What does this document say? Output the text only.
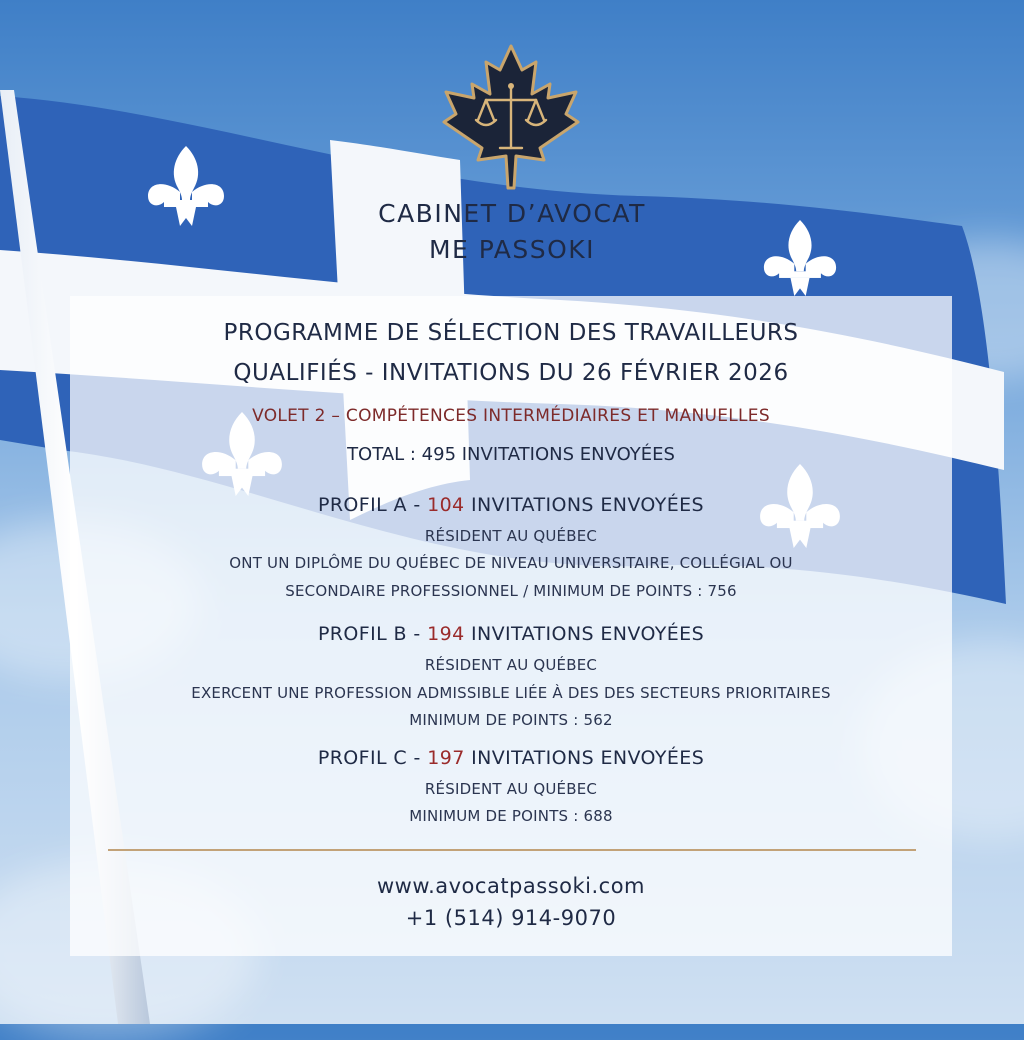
CABINET D’AVOCAT
ME PASSOKI
PROGRAMME DE SÉLECTION DES TRAVAILLEURS
QUALIFIÉS - INVITATIONS DU 26 FÉVRIER 2026
VOLET 2 – COMPÉTENCES INTERMÉDIAIRES ET MANUELLES
TOTAL : 495 INVITATIONS ENVOYÉES
PROFIL A - 104 INVITATIONS ENVOYÉES
RÉSIDENT AU QUÉBEC
ONT UN DIPLÔME DU QUÉBEC DE NIVEAU UNIVERSITAIRE, COLLÉGIAL OU
SECONDAIRE PROFESSIONNEL / MINIMUM DE POINTS : 756
PROFIL B - 194 INVITATIONS ENVOYÉES
RÉSIDENT AU QUÉBEC
EXERCENT UNE PROFESSION ADMISSIBLE LIÉE À DES DES SECTEURS PRIORITAIRES
MINIMUM DE POINTS : 562
PROFIL C - 197 INVITATIONS ENVOYÉES
RÉSIDENT AU QUÉBEC
MINIMUM DE POINTS : 688
www.avocatpassoki.com
+1 (514) 914-9070
